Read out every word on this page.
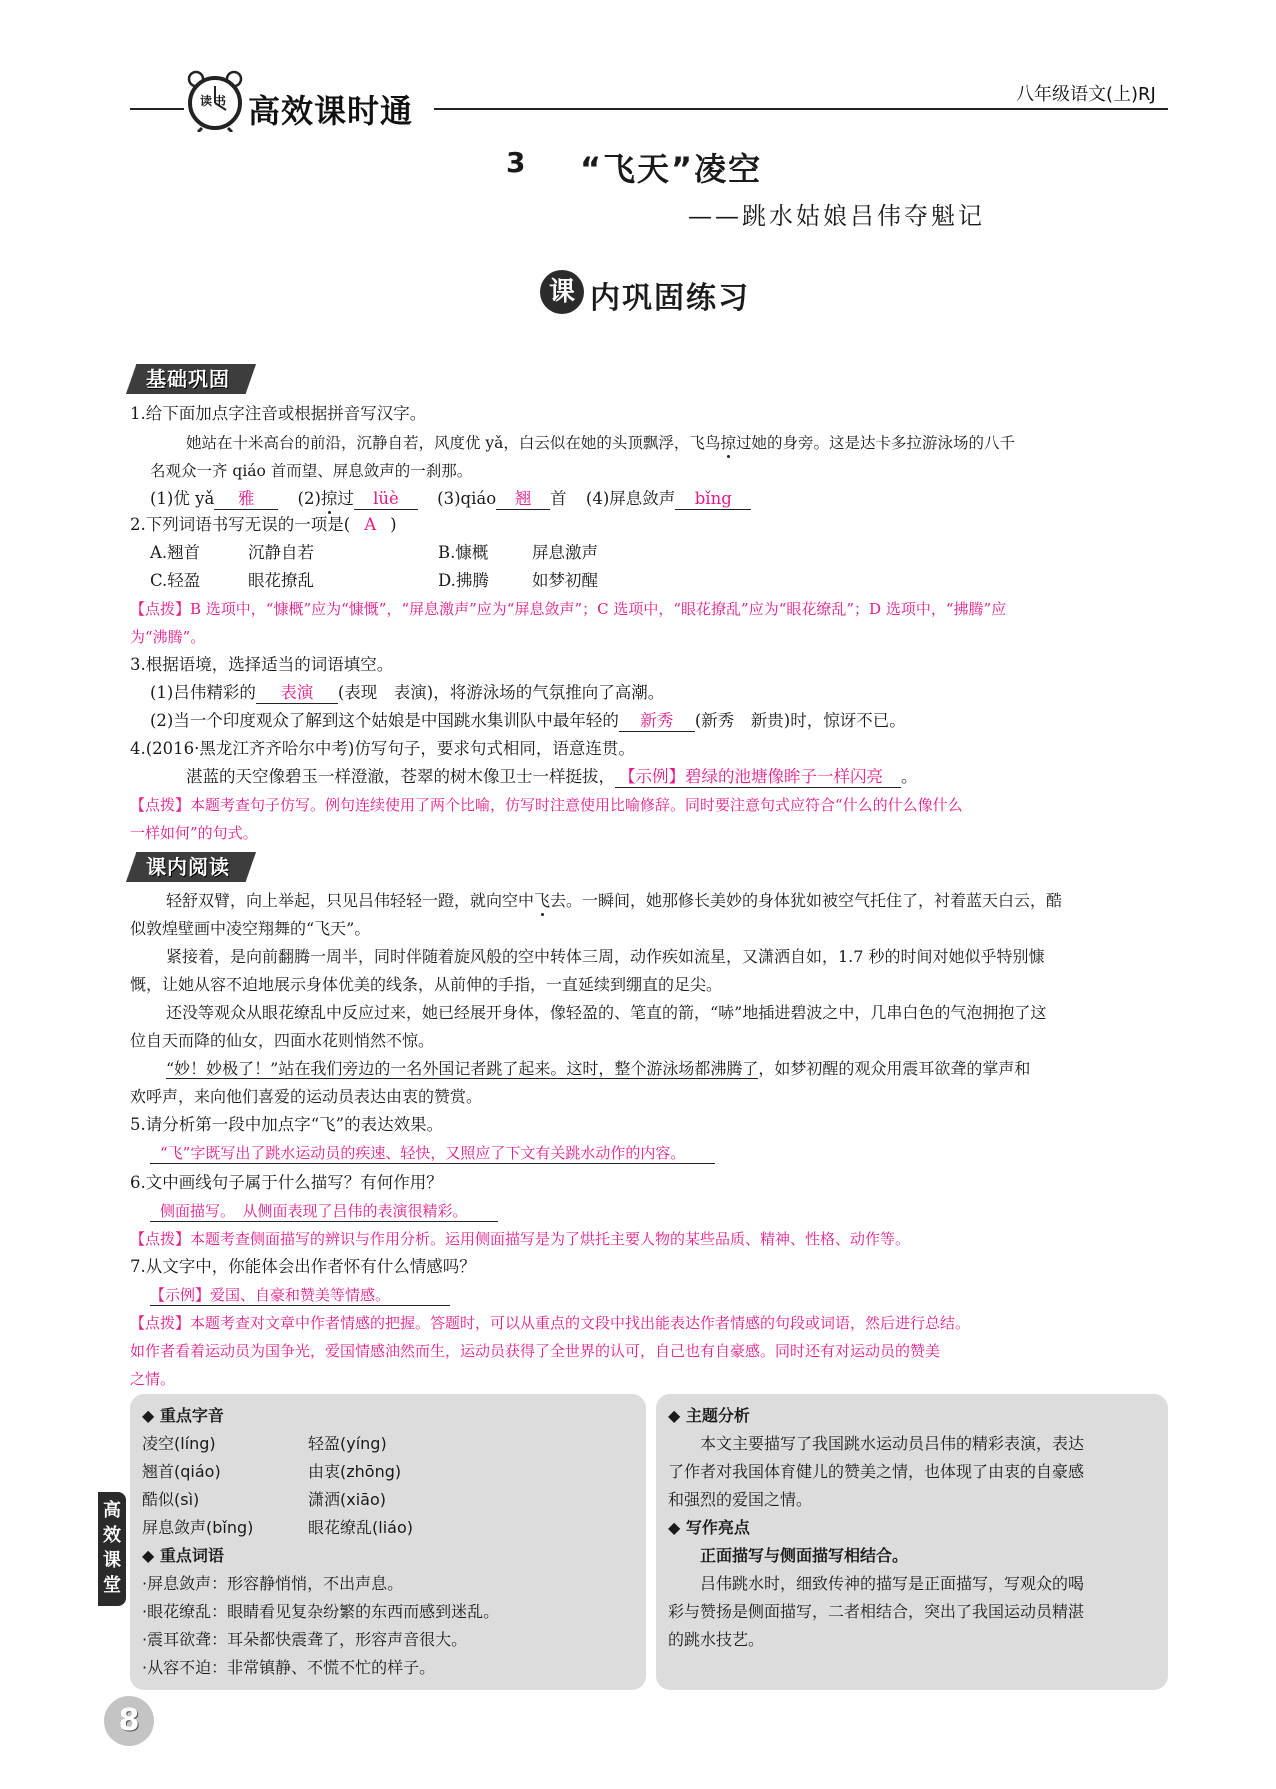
读书 高效课时通	八年级语文(上)RJ
3 “飞天”凌空
——跳水姑娘吕伟夺魁记
课 内巩固练习
基础巩固
1.给下面加点字注音或根据拼音写汉字。
她站在十米高台的前沿，沉静自若，风度优 yǎ，白云似在她的头顶飘浮，飞鸟掠过她的身旁。这是达卡多拉游泳场的八千
名观众一齐 qiáo 首而望、屏息敛声的一刹那。
(1)优 yǎ 雅	(2)掠过 lüè (3)qiáo 翘 首 (4)屏息敛声 bǐng
2.下列词语书写无误的一项是( A )
A.翘首	沉静自若	B.慷概	屏息激声
C.轻盈	眼花撩乱	D.拂腾	如梦初醒
【点拨】B 选项中，“慷概”应为“慷慨”，“屏息激声”应为“屏息敛声”；C 选项中，“眼花撩乱”应为“眼花缭乱”；D 选项中，“拂腾”应
为“沸腾”。
3.根据语境，选择适当的词语填空。
(1)吕伟精彩的 表演 (表现　表演)，将游泳场的气氛推向了高潮。
(2)当一个印度观众了解到这个姑娘是中国跳水集训队中最年轻的 新秀 (新秀　新贵)时，惊讶不已。
4.(2016·黑龙江齐齐哈尔中考)仿写句子，要求句式相同，语意连贯。
湛蓝的天空像碧玉一样澄澈，苍翠的树木像卫士一样挺拔， 【示例】碧绿的池塘像眸子一样闪亮 。
【点拨】本题考查句子仿写。例句连续使用了两个比喻，仿写时注意使用比喻修辞。同时要注意句式应符合“什么的什么像什么
一样如何”的句式。
课内阅读
轻舒双臂，向上举起，只见吕伟轻轻一蹬，就向空中飞去。一瞬间，她那修长美妙的身体犹如被空气托住了，衬着蓝天白云，酷
似敦煌壁画中凌空翔舞的“飞天”。
紧接着，是向前翻腾一周半，同时伴随着旋风般的空中转体三周，动作疾如流星，又潇洒自如，1.7 秒的时间对她似乎特别慷
慨，让她从容不迫地展示身体优美的线条，从前伸的手指，一直延续到绷直的足尖。
还没等观众从眼花缭乱中反应过来，她已经展开身体，像轻盈的、笔直的箭，“哧”地插进碧波之中，几串白色的气泡拥抱了这
位自天而降的仙女，四面水花则悄然不惊。
“妙！妙极了！”站在我们旁边的一名外国记者跳了起来。这时，整个游泳场都沸腾了，如梦初醒的观众用震耳欲聋的掌声和
欢呼声，来向他们喜爱的运动员表达由衷的赞赏。
5.请分析第一段中加点字“飞”的表达效果。
“飞”字既写出了跳水运动员的疾速、轻快，又照应了下文有关跳水动作的内容。
6.文中画线句子属于什么描写？有何作用？
侧面描写。　从侧面表现了吕伟的表演很精彩。
【点拨】本题考查侧面描写的辨识与作用分析。运用侧面描写是为了烘托主要人物的某些品质、精神、性格、动作等。
7.从文字中，你能体会出作者怀有什么情感吗？
【示例】爱国、自豪和赞美等情感。
【点拨】本题考查对文章中作者情感的把握。答题时，可以从重点的文段中找出能表达作者情感的句段或词语，然后进行总结。
如作者看着运动员为国争光，爱国情感油然而生，运动员获得了全世界的认可，自己也有自豪感。同时还有对运动员的赞美
之情。
◆ 重点字音
凌空(líng)	轻盈(yíng)
翘首(qiáo)	由衷(zhōng)
酷似(sì)	潇洒(xiāo)
屏息敛声(bǐng)	眼花缭乱(liáo)
◆ 重点词语
·屏息敛声：形容静悄悄，不出声息。
·眼花缭乱：眼睛看见复杂纷繁的东西而感到迷乱。
·震耳欲聋：耳朵都快震聋了，形容声音很大。
·从容不迫：非常镇静、不慌不忙的样子。
◆ 主题分析
本文主要描写了我国跳水运动员吕伟的精彩表演，表达
了作者对我国体育健儿的赞美之情，也体现了由衷的自豪感
和强烈的爱国之情。
◆ 写作亮点
正面描写与侧面描写相结合。
吕伟跳水时，细致传神的描写是正面描写，写观众的喝
彩与赞扬是侧面描写，二者相结合，突出了我国运动员精湛
的跳水技艺。
高效课堂
8
